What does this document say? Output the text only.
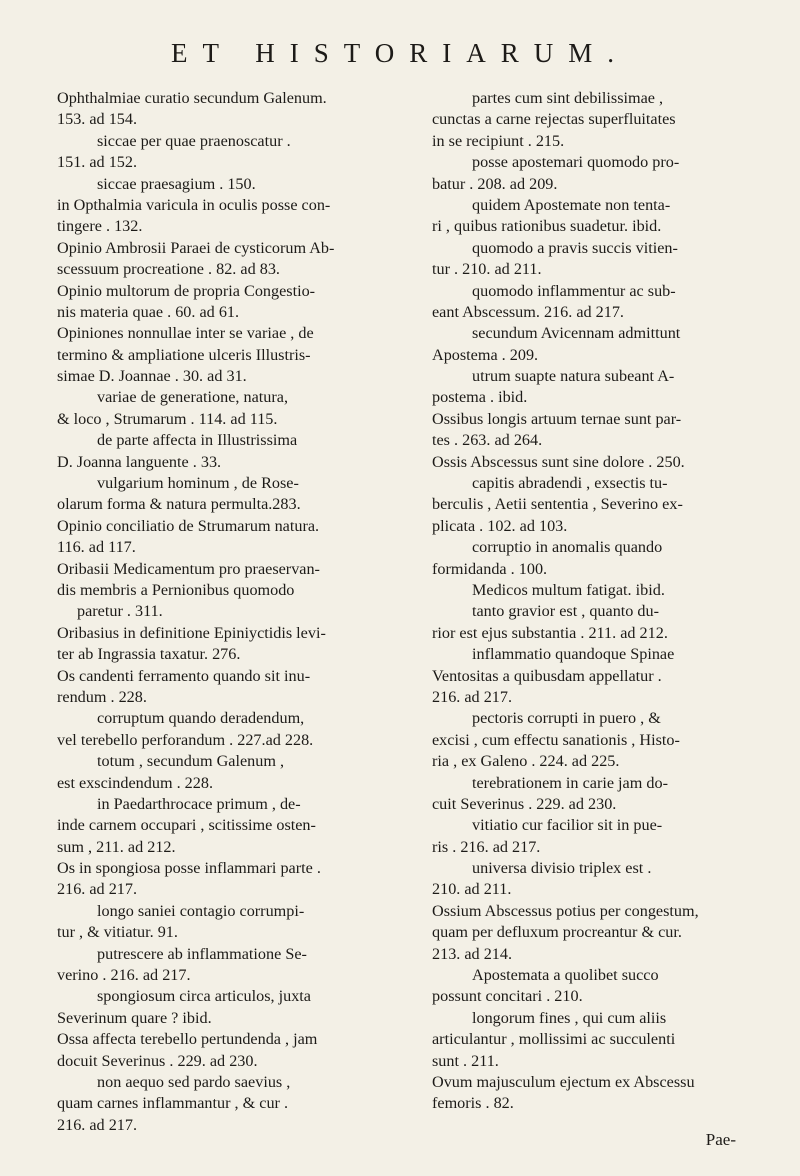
ET HISTORIARUM.
Ophthalmiae curatio secundum Galenum.
153. ad 154.
siccae per quae praenoscatur .
151. ad 152.
siccae praesagium . 150.
in Opthalmia varicula in oculis posse con-
tingere . 132.
Opinio Ambrosii Paraei de cysticorum Ab-
scessuum procreatione . 82. ad 83.
Opinio multorum de propria Congestio-
nis materia quae . 60. ad 61.
Opiniones nonnullae inter se variae , de
termino & ampliatione ulceris Illustris-
simae D. Joannae . 30. ad 31.
variae de generatione, natura,
& loco , Strumarum . 114. ad 115.
de parte affecta in Illustrissima
D. Joanna languente . 33.
vulgarium hominum , de Rose-
olarum forma & natura permulta.283.
Opinio conciliatio de Strumarum natura.
116. ad 117.
Oribasii Medicamentum pro praeservan-
dis membris a Pernionibus quomodo
paretur . 311.
Oribasius in definitione Epiniyctidis levi-
ter ab Ingrassia taxatur. 276.
Os candenti ferramento quando sit inu-
rendum . 228.
corruptum quando deradendum,
vel terebello perforandum . 227.ad 228.
totum , secundum Galenum ,
est exscindendum . 228.
in Paedarthrocace primum , de-
inde carnem occupari , scitissime osten-
sum , 211. ad 212.
Os in spongiosa posse inflammari parte .
216. ad 217.
longo saniei contagio corrumpi-
tur , & vitiatur. 91.
putrescere ab inflammatione Se-
verino . 216. ad 217.
spongiosum circa articulos, juxta
Severinum quare ? ibid.
Ossa affecta terebello pertundenda , jam
docuit Severinus . 229. ad 230.
non aequo sed pardo saevius ,
quam carnes inflammantur , & cur .
216. ad 217.
partes cum sint debilissimae ,
cunctas a carne rejectas superfluitates
in se recipiunt . 215.
posse apostemari quomodo pro-
batur . 208. ad 209.
quidem Apostemate non tenta-
ri , quibus rationibus suadetur. ibid.
quomodo a pravis succis vitien-
tur . 210. ad 211.
quomodo inflammentur ac sub-
eant Abscessum. 216. ad 217.
secundum Avicennam admittunt
Apostema . 209.
utrum suapte natura subeant A-
postema . ibid.
Ossibus longis artuum ternae sunt par-
tes . 263. ad 264.
Ossis Abscessus sunt sine dolore . 250.
capitis abradendi , exsectis tu-
berculis , Aetii sententia , Severino ex-
plicata . 102. ad 103.
corruptio in anomalis quando
formidanda . 100.
Medicos multum fatigat. ibid.
tanto gravior est , quanto du-
rior est ejus substantia . 211. ad 212.
inflammatio quandoque Spinae
Ventositas a quibusdam appellatur .
216. ad 217.
pectoris corrupti in puero , &
excisi , cum effectu sanationis , Histo-
ria , ex Galeno . 224. ad 225.
terebrationem in carie jam do-
cuit Severinus . 229. ad 230.
vitiatio cur facilior sit in pue-
ris . 216. ad 217.
universa divisio triplex est .
210. ad 211.
Ossium Abscessus potius per congestum,
quam per defluxum procreantur & cur.
213. ad 214.
Apostemata a quolibet succo
possunt concitari . 210.
longorum fines , qui cum aliis
articulantur , mollissimi ac succulenti
sunt . 211.
Ovum majusculum ejectum ex Abscessu
femoris . 82.
Pae-
